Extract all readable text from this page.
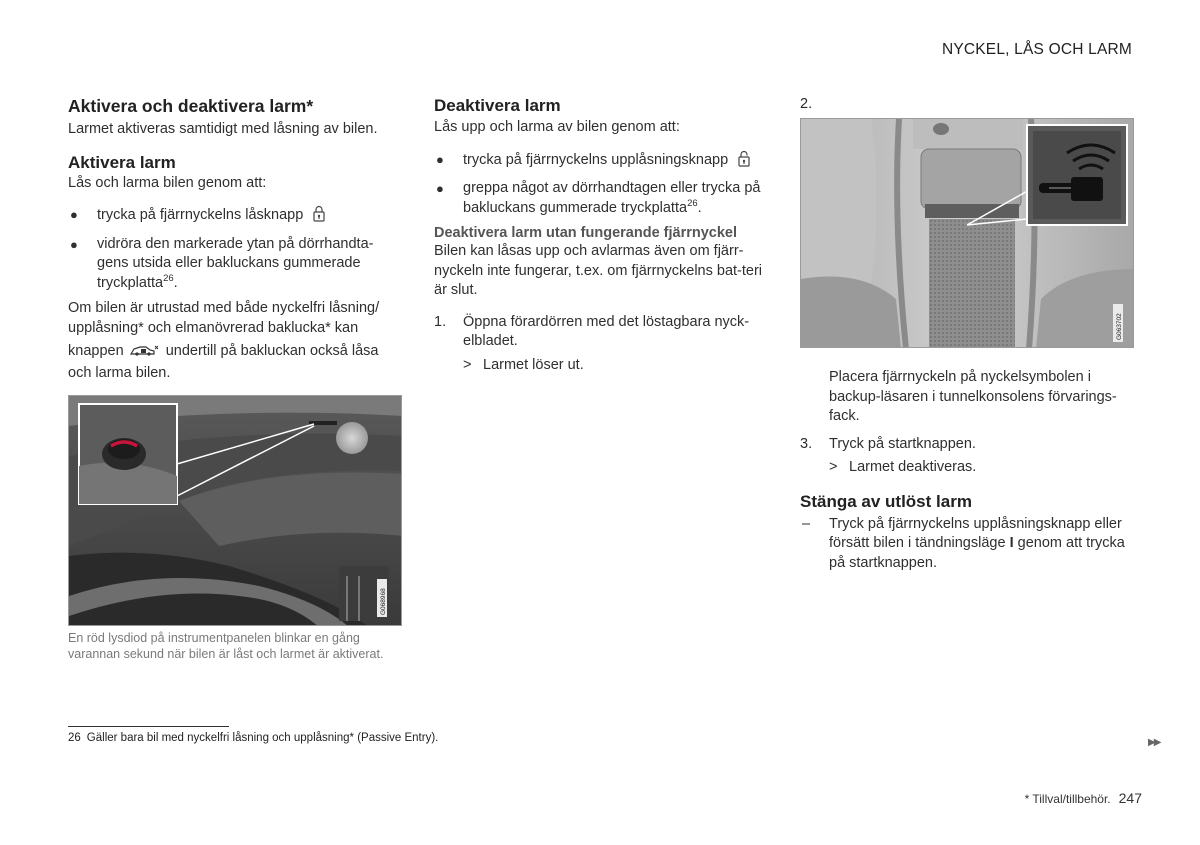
NYCKEL, LÅS OCH LARM
Aktivera och deaktivera larm*

Larmet aktiveras samtidigt med låsning av bilen.

Aktivera larm

Lås och larma bilen genom att:

● trycka på fjärrnyckelns låsknapp
● vidröra den markerade ytan på dörrhandta-gens utsida eller bakluckans gummerade tryckplatta$^{26}$.

Om bilen är utrustad med både nyckelfri låsning/ upplåsning* och elmanövrerad baklucka* kan

knappen	undertill på bakluckan också låsa
och larma bilen.

G068968
En röd lysdiod på instrumentpanelen blinkar en gång varannan sekund när bilen är låst och larmet är aktiverat.
Deaktivera larm

Lås upp och larma av bilen genom att:

● trycka på fjärrnyckelns upplåsningsknapp
● greppa något av dörrhandtagen eller trycka på bakluckans gummerade tryckplatta$^{26}$.
Deaktivera larm utan fungerande fjärrnyckel

Bilen kan låsas upp och avlarmas även om fjärr-nyckeln inte fungerar, t.ex. om fjärrnyckelns bat-teri är slut.

1. Öppna förardörren med det löstagbara nyck-elbladet.
> Larmet löser ut.
2.
G063702

Placera fjärrnyckeln på nyckelsymbolen i backup-läsaren i tunnelkonsolens förvarings-fack.

3. Tryck på startknappen.
> Larmet deaktiveras.
Stänga av utlöst larm
– Tryck på fjärrnyckelns upplåsningsknapp eller försätt bilen i tändningsläge I genom att trycka på startknappen.
26 Gäller bara bil med nyckelfri låsning och upplåsning* (Passive Entry).	▶▶
* Tillval/tillbehör. 247
